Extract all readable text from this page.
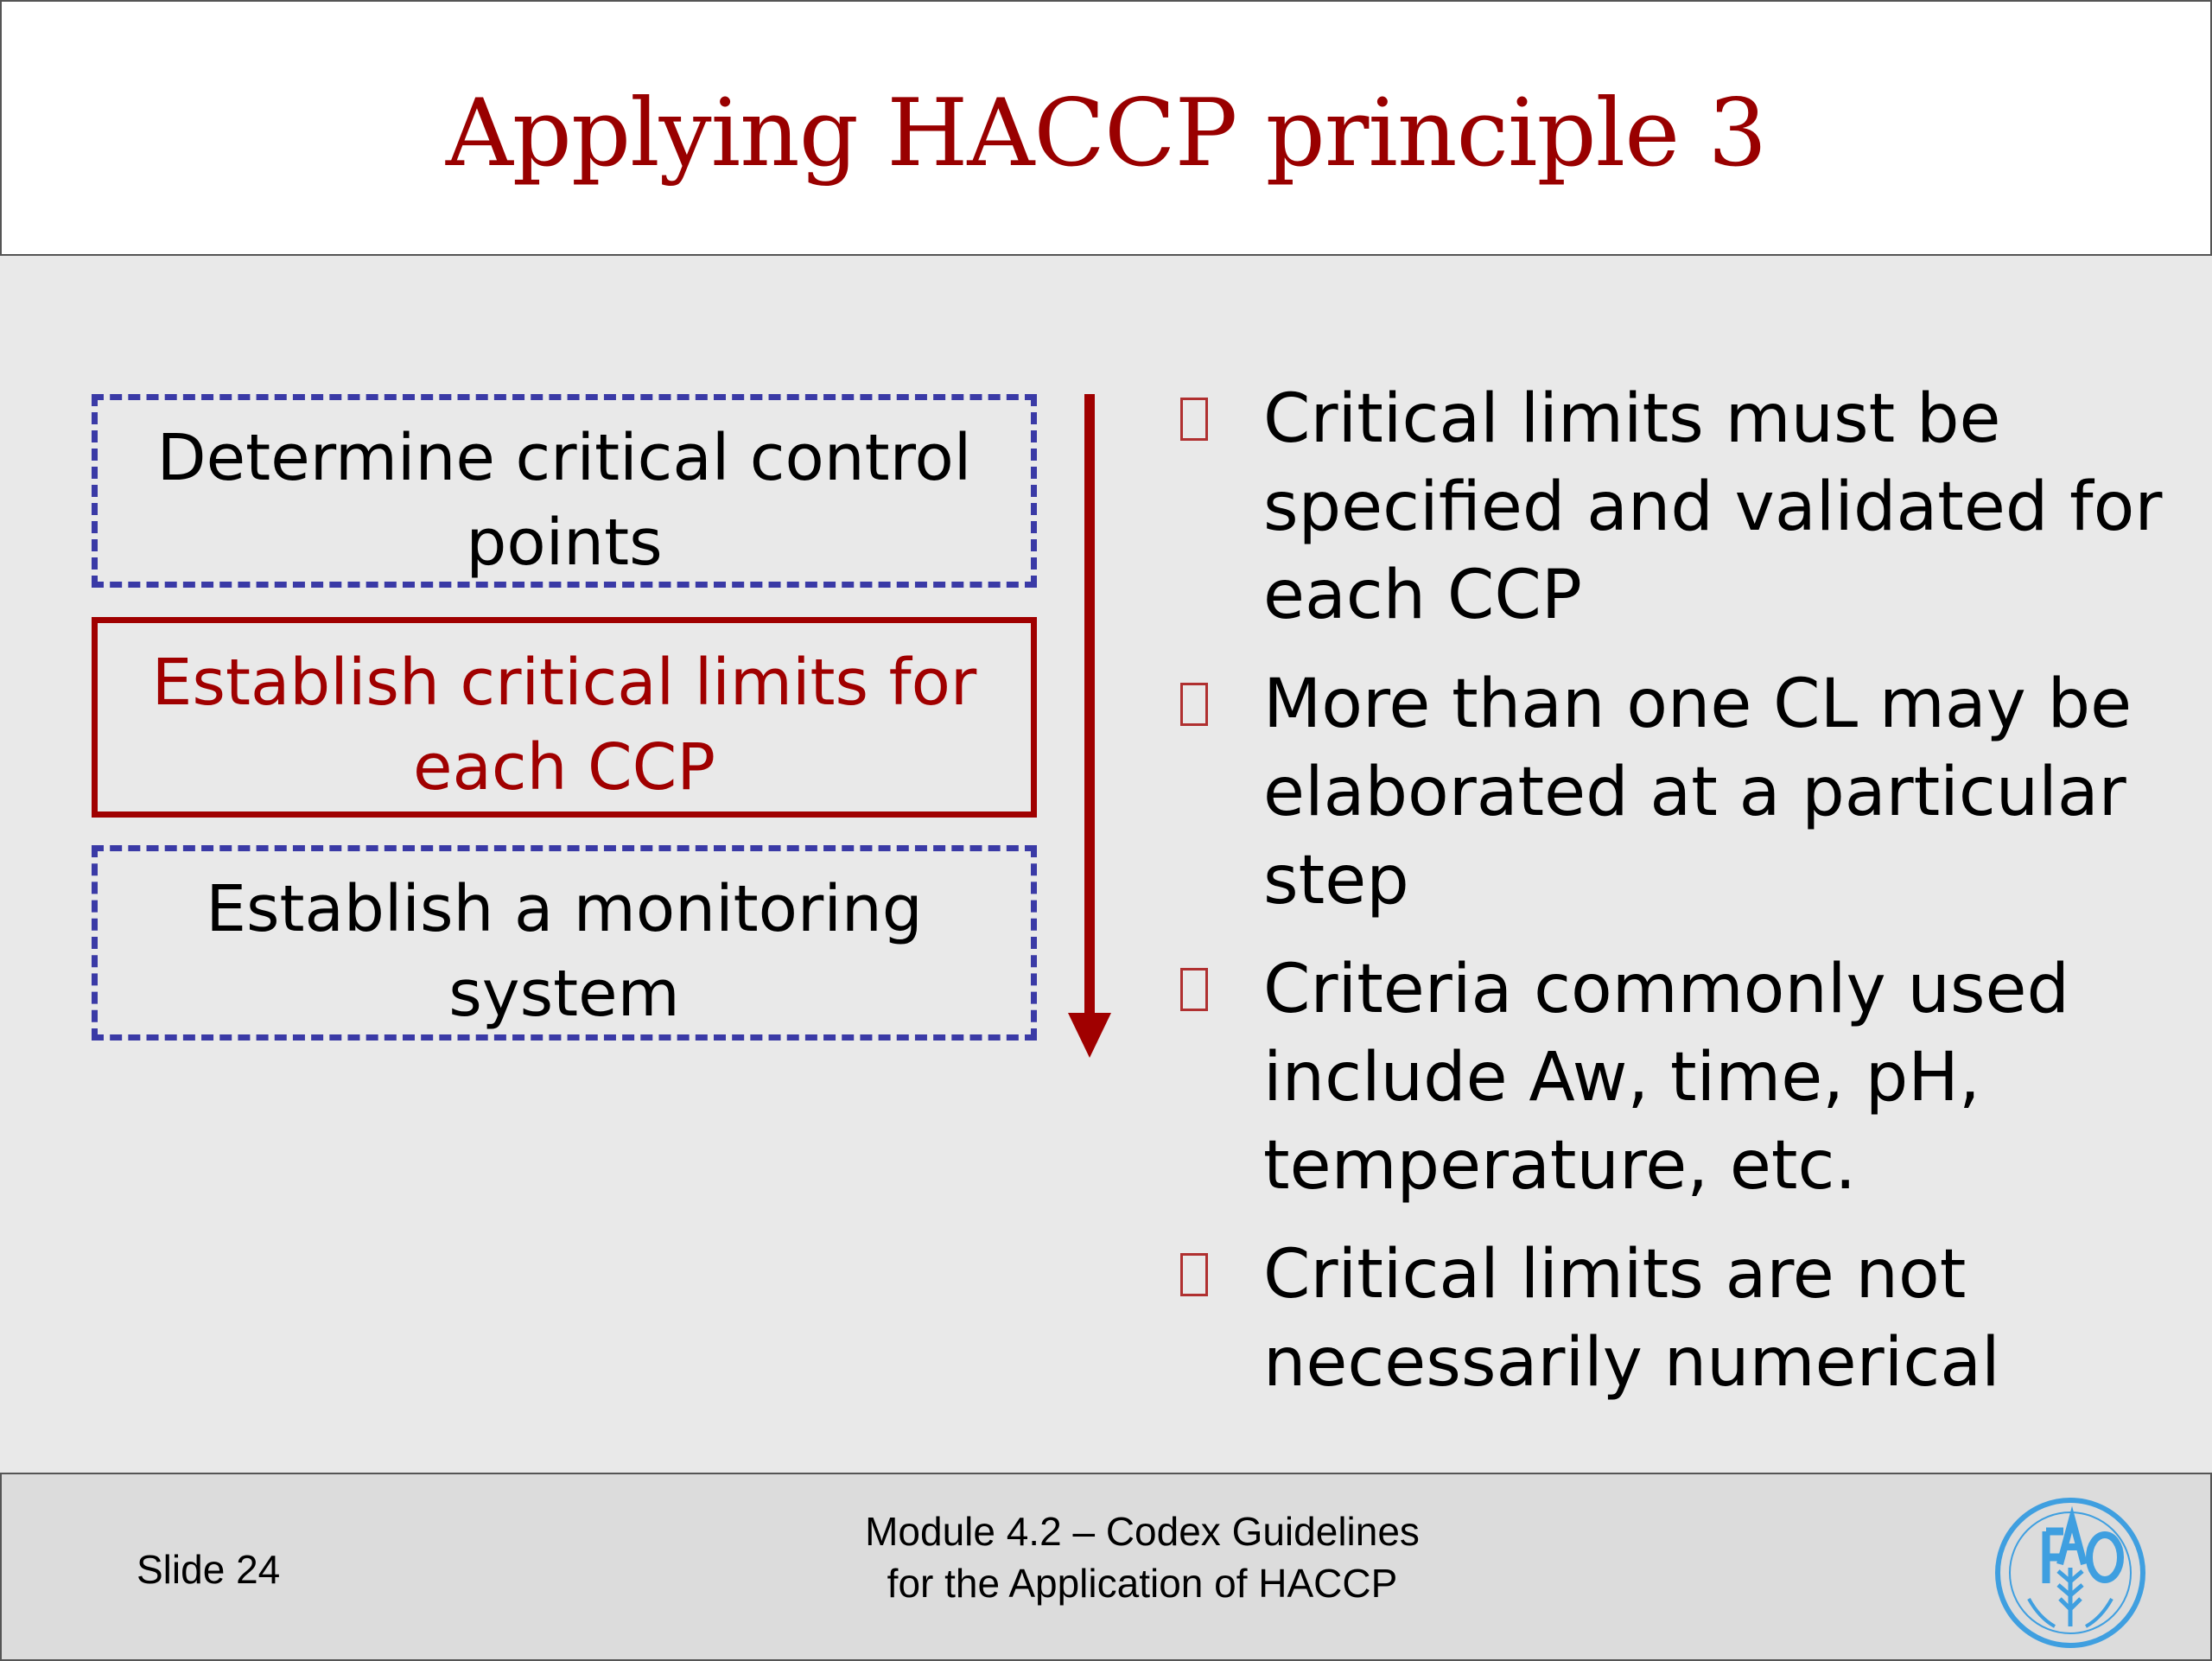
Applying HACCP principle 3
Determine critical control points
Establish critical limits for each CCP
Establish a monitoring system
Critical limits must be specified and validated for each CCP
More than one CL may be elaborated at a particular step
Criteria commonly used include Aw, time, pH, temperature, etc.
Critical limits are not necessarily numerical
Slide 24
Module 4.2 – Codex Guidelines
for the Application of HACCP
